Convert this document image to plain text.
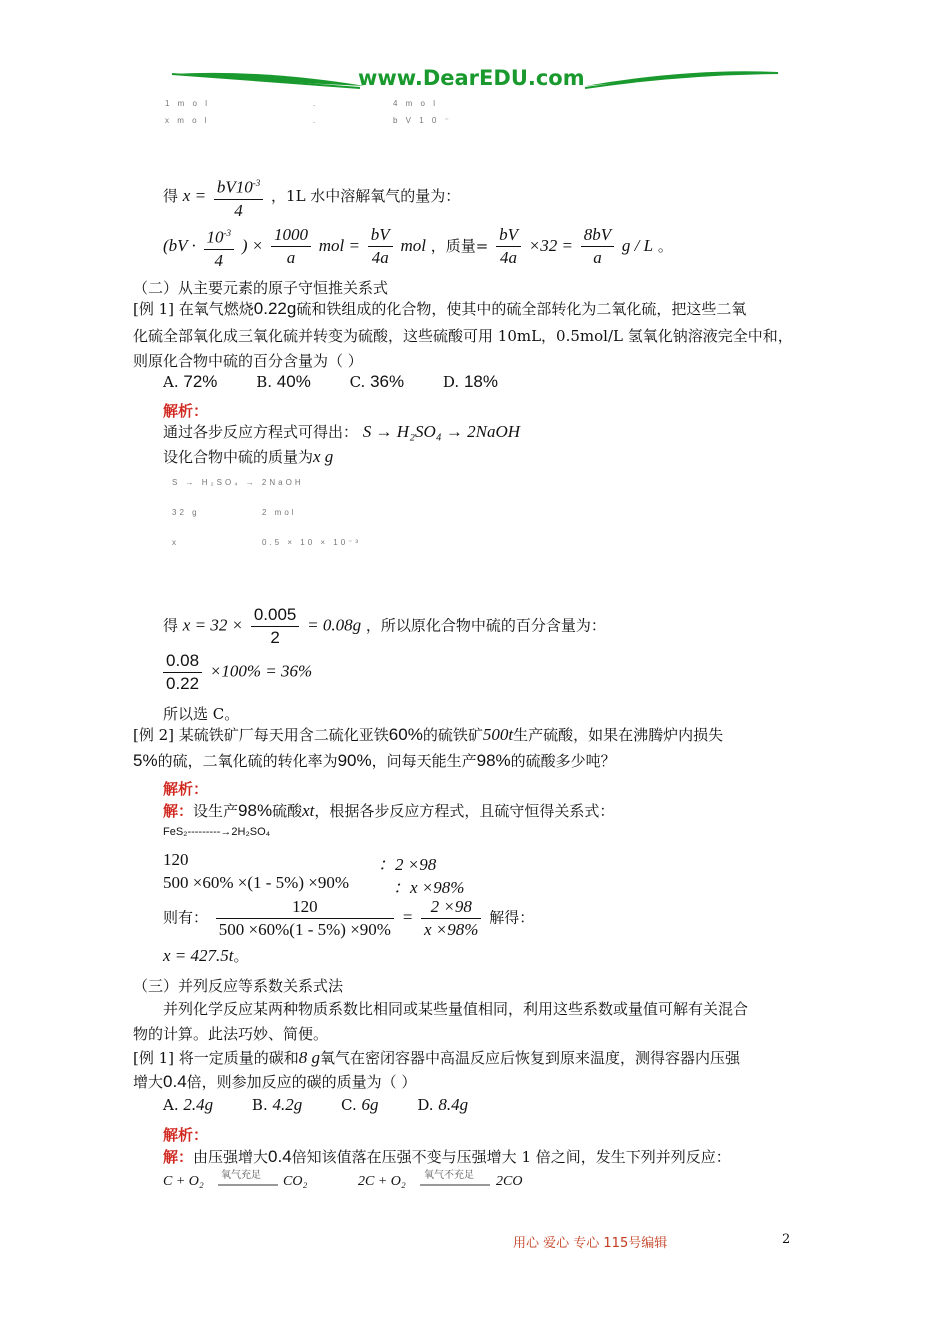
www.DearEDU.com
1 m o l	.	4 m o l
x m o l	.	b V 1 0 ⁻
得 $x = \frac{bV10^{-3}}{4}$ ，1L 水中溶解氧气的量为：
($bV \cdot \frac{10^{-3}}{4}$ ) × $\frac{1000}{a}$ mol = $\frac{bV}{4a}$ mol ，质量= $\frac{bV}{4a} \times 32 = \frac{8bV}{a}$ g / L 。
（二）从主要元素的原子守恒推关系式
[例 1] 在氧气燃烧0.22g硫和铁组成的化合物，使其中的硫全部转化为二氧化硫，把这些二氧
化硫全部氧化成三氧化硫并转变为硫酸，这些硫酸可用 10mL，0.5mol/L 氢氧化钠溶液完全中和，
则原化合物中硫的百分含量为（ ）
A. 72%	B. 40%	C. 36%	D. 18%
解析：
通过各步反应方程式可得出： S → H₂SO₄ → 2NaOH
设化合物中硫的质量为x g
S → H₂SO₄ → 2NaOH
32 g	2 mol
x	0.5 × 10 × 10⁻³
得 $x = 32 \times \frac{0.005}{2} = 0.08g$ ，所以原化合物中硫的百分含量为：
$\frac{0.08}{0.22} \times 100\% = 36\%$
所以选 C。
[例 2] 某硫铁矿厂每天用含二硫化亚铁60%的硫铁矿500t生产硫酸，如果在沸腾炉内损失
5%的硫，二氧化硫的转化率为90%，问每天能生产98%的硫酸多少吨？
解析：
解：设生产98%硫酸xt，根据各步反应方程式，且硫守恒得关系式：
FeS₂---------→2H₂SO₄
120	：2 ×98
500 ×60% ×(1 - 5%) ×90%	：x ×98%
则有： $\frac{120}{500 \times 60\%(1 - 5\%) \times 90\%} = \frac{2 \times 98}{x \times 98\%}$ 解得：
x = 427.5t。
（三）并列反应等系数关系式法
并列化学反应某两种物质系数比相同或某些量值相同，利用这些系数或量值可解有关混合
物的计算。此法巧妙、简便。
[例 1] 将一定质量的碳和8 g氧气在密闭容器中高温反应后恢复到原来温度，测得容器内压强
增大0.4倍，则参加反应的碳的质量为（ ）
A. 2.4g	B. 4.2g	C. 6g	D. 8.4g
解析：
解：由压强增大0.4倍知该值落在压强不变与压强增大 1 倍之间，发生下列并列反应：
C + O₂ 氧气充足 CO₂	2C + O₂ 氧气不充足 2CO
用心 爱心 专心 115号编辑	2
